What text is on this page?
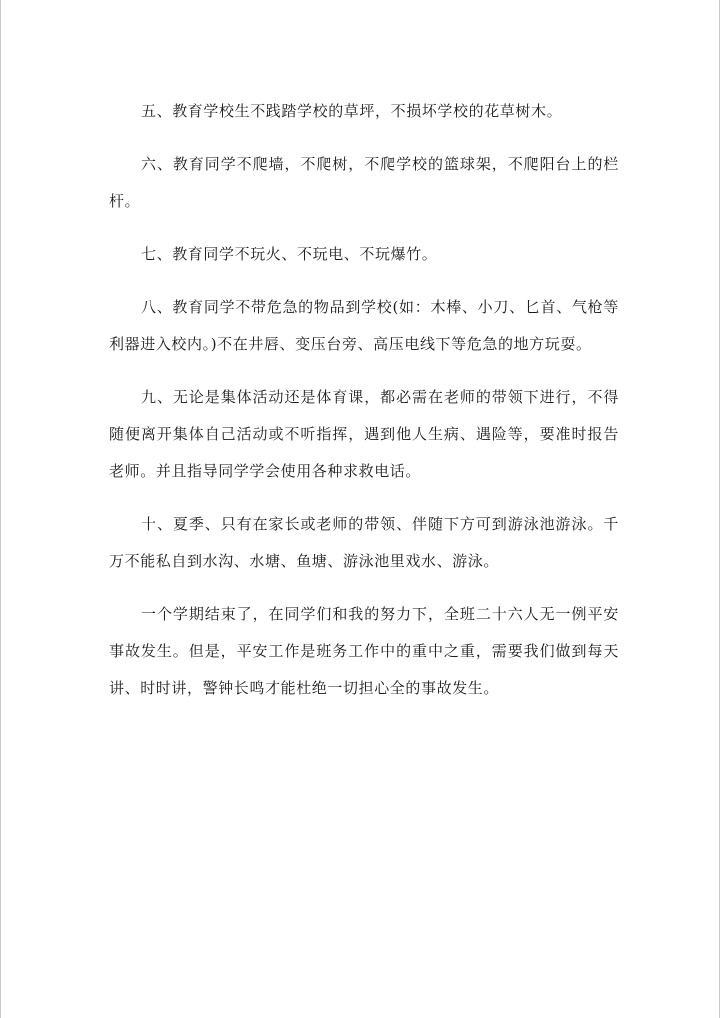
五、教育学校生不践踏学校的草坪，不损坏学校的花草树木。

六、教育同学不爬墙，不爬树，不爬学校的篮球架，不爬阳台上的栏杆。

七、教育同学不玩火、不玩电、不玩爆竹。

八、教育同学不带危急的物品到学校(如：木棒、小刀、匕首、气枪等利器进入校内。)不在井唇、变压台旁、高压电线下等危急的地方玩耍。

九、无论是集体活动还是体育课，都必需在老师的带领下进行，不得随便离开集体自己活动或不听指挥，遇到他人生病、遇险等，要准时报告老师。并且指导同学学会使用各种求救电话。

十、夏季、只有在家长或老师的带领、伴随下方可到游泳池游泳。千万不能私自到水沟、水塘、鱼塘、游泳池里戏水、游泳。

一个学期结束了，在同学们和我的努力下，全班二十六人无一例平安事故发生。但是，平安工作是班务工作中的重中之重，需要我们做到每天讲、时时讲，警钟长鸣才能杜绝一切担心全的事故发生。
